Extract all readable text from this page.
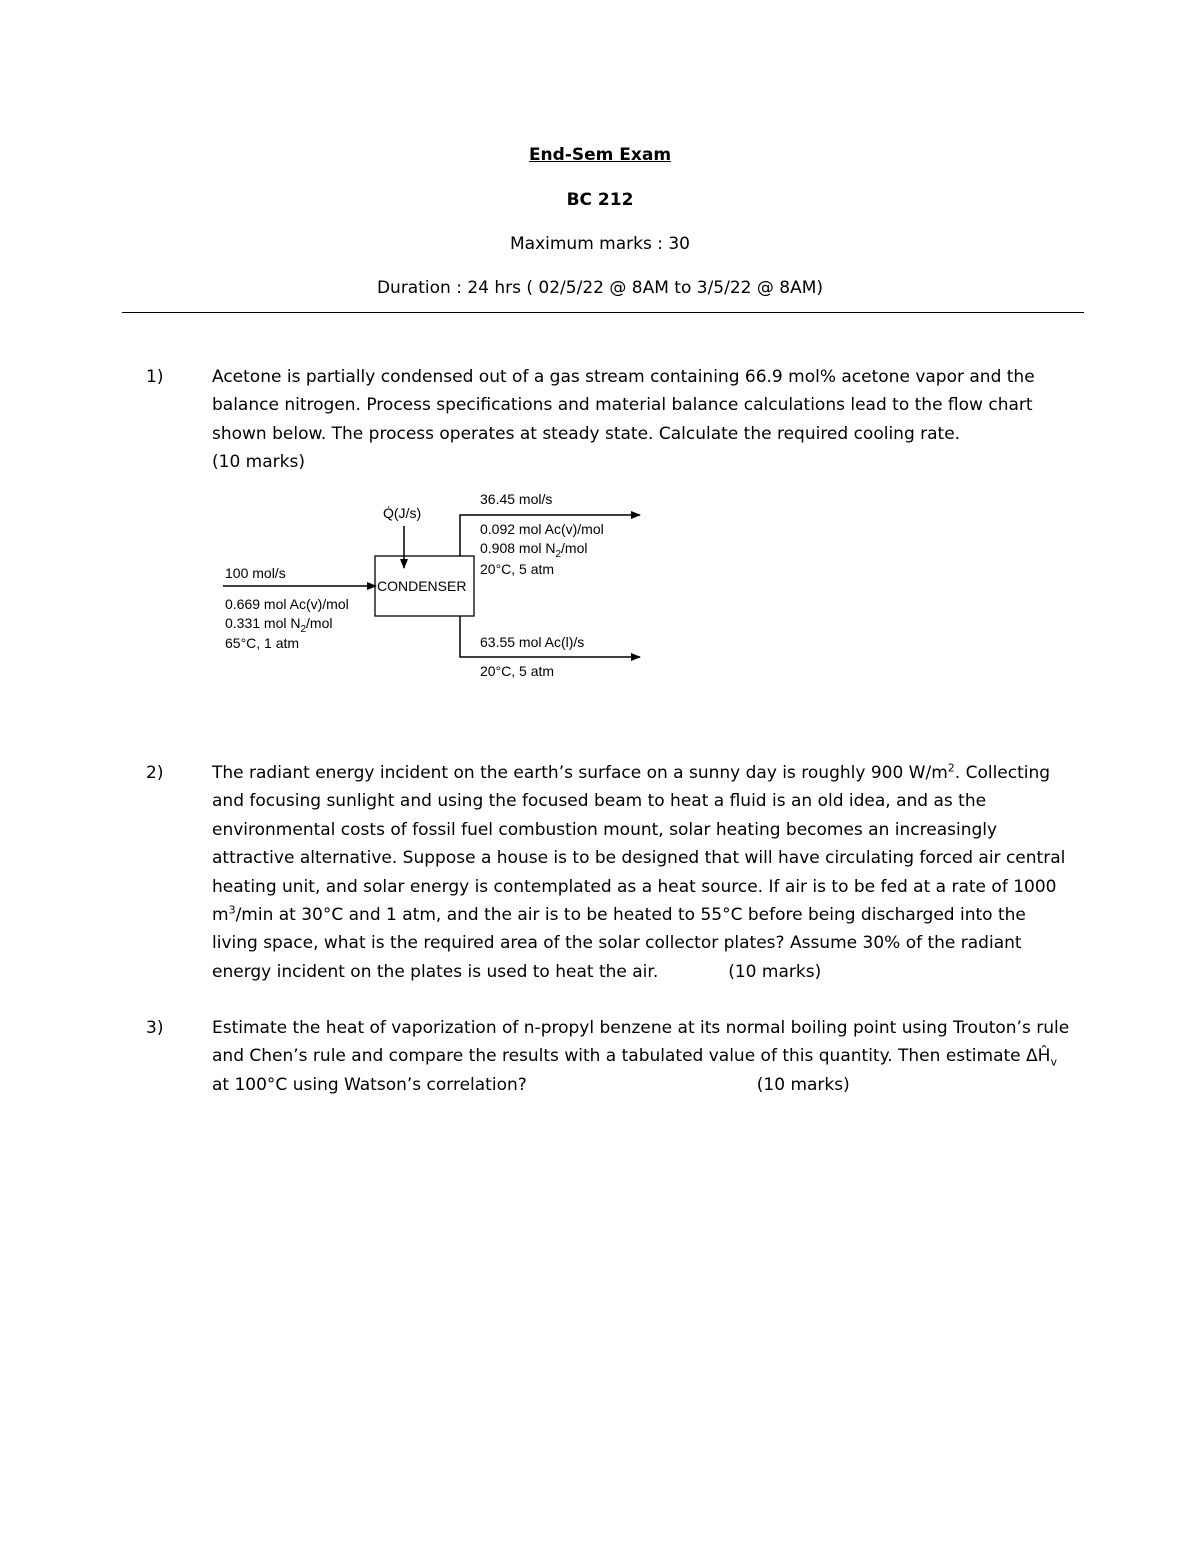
End-Sem Exam
BC 212
Maximum marks : 30
Duration : 24 hrs ( 02/5/22 @ 8AM to 3/5/22 @ 8AM)
1)	Acetone is partially condensed out of a gas stream containing 66.9 mol% acetone vapor and the balance nitrogen. Process specifications and material balance calculations lead to the flow chart shown below. The process operates at steady state. Calculate the required cooling rate.
(10 marks)
Q̇(J/s)
CONDENSER
100 mol/s
0.669 mol Ac(v)/mol
0.331 mol $N_2$/mol
65°C, 1 atm
36.45 mol/s
0.092 mol Ac(v)/mol
0.908 mol $N_2$/mol
20°C, 5 atm
63.55 mol Ac(l)/s
20°C, 5 atm
2)	The radiant energy incident on the earth’s surface on a sunny day is roughly 900 $W/m^2$. Collecting and focusing sunlight and using the focused beam to heat a fluid is an old idea, and as the environmental costs of fossil fuel combustion mount, solar heating becomes an increasingly attractive alternative. Suppose a house is to be designed that will have circulating forced air central heating unit, and solar energy is contemplated as a heat source. If air is to be fed at a rate of 1000 $m^3/\min$ at 30°C and 1 atm, and the air is to be heated to 55°C before being discharged into the living space, what is the required area of the solar collector plates? Assume 30% of the radiant energy incident on the plates is used to heat the air.	(10 marks)
3)	Estimate the heat of vaporization of n-propyl benzene at its normal boiling point using Trouton’s rule and Chen’s rule and compare the results with a tabulated value of this quantity. Then estimate $\Delta Ĥ_v$ at 100°C using Watson’s correlation?	(10 marks)
